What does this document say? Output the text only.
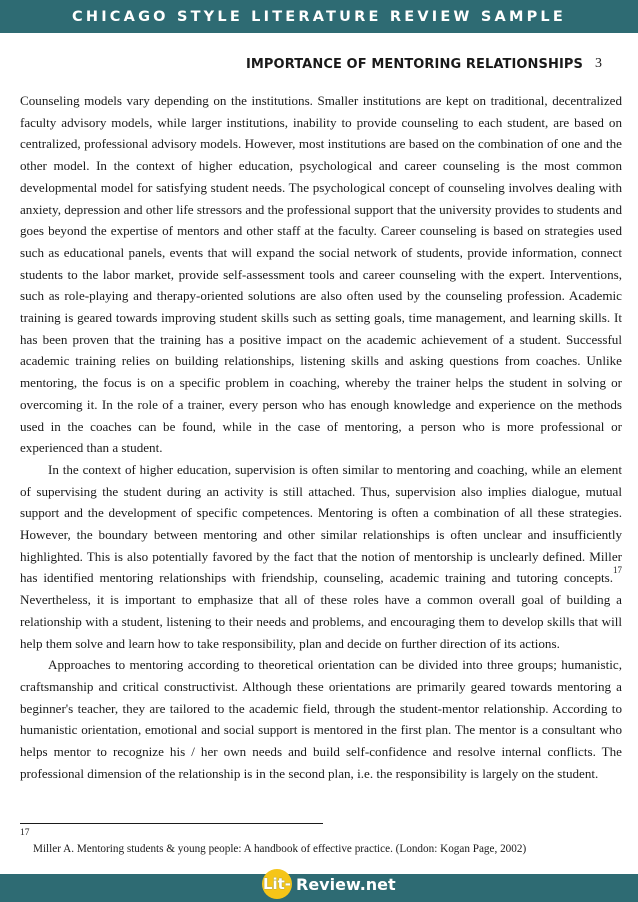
CHICAGO STYLE LITERATURE REVIEW SAMPLE
IMPORTANCE OF MENTORING RELATIONSHIPS 3

Counseling models vary depending on the institutions. Smaller institutions are kept on traditional, decentralized faculty advisory models, while larger institutions, inability to provide counseling to each student, are based on centralized, professional advisory models. However, most institutions are based on the combination of one and the other model. In the context of higher education, psychological and career counseling is the most common developmental model for satisfying student needs. The psychological concept of counseling involves dealing with anxiety, depression and other life stressors and the professional support that the university provides to students and goes beyond the expertise of mentors and other staff at the faculty. Career counseling is based on strategies used such as educational panels, events that will expand the social network of students, provide information, connect students to the labor market, provide self-assessment tools and career counseling with the expert. Interventions, such as role-playing and therapy-oriented solutions are also often used by the counseling profession. Academic training is geared towards improving student skills such as setting goals, time management, and learning skills. It has been proven that the training has a positive impact on the academic achievement of a student. Successful academic training relies on building relationships, listening skills and asking questions from coaches. Unlike mentoring, the focus is on a specific problem in coaching, whereby the trainer helps the student in solving or overcoming it. In the role of a trainer, every person who has enough knowledge and experience on the methods used in the coaches can be found, while in the case of mentoring, a person who is more professional or experienced than a student.

In the context of higher education, supervision is often similar to mentoring and coaching, while an element of supervising the student during an activity is still attached. Thus, supervision also implies dialogue, mutual support and the development of specific competences. Mentoring is often a combination of all these strategies. However, the boundary between mentoring and other similar relationships is often unclear and insufficiently highlighted. This is also potentially favored by the fact that the notion of mentorship is unclearly defined. Miller has identified mentoring relationships with friendship, counseling, academic training and tutoring concepts.$^{17}$ Nevertheless, it is important to emphasize that all of these roles have a common overall goal of building a relationship with a student, listening to their needs and problems, and encouraging them to develop skills that will help them solve and learn how to take responsibility, plan and decide on further direction of its actions.

Approaches to mentoring according to theoretical orientation can be divided into three groups; humanistic, craftsmanship and critical constructivist. Although these orientations are primarily geared towards mentoring a beginner's teacher, they are tailored to the academic field, through the student-mentor relationship. According to humanistic orientation, emotional and social support is mentored in the first plan. The mentor is a consultant who helps mentor to recognize his / her own needs and build self-confidence and resolve internal conflicts. The professional dimension of the relationship is in the second plan, i.e. the responsibility is largely on the student.

17
Miller A. Mentoring students & young people: A handbook of effective practice. (London: Kogan Page, 2002)
Lit- Review.net
